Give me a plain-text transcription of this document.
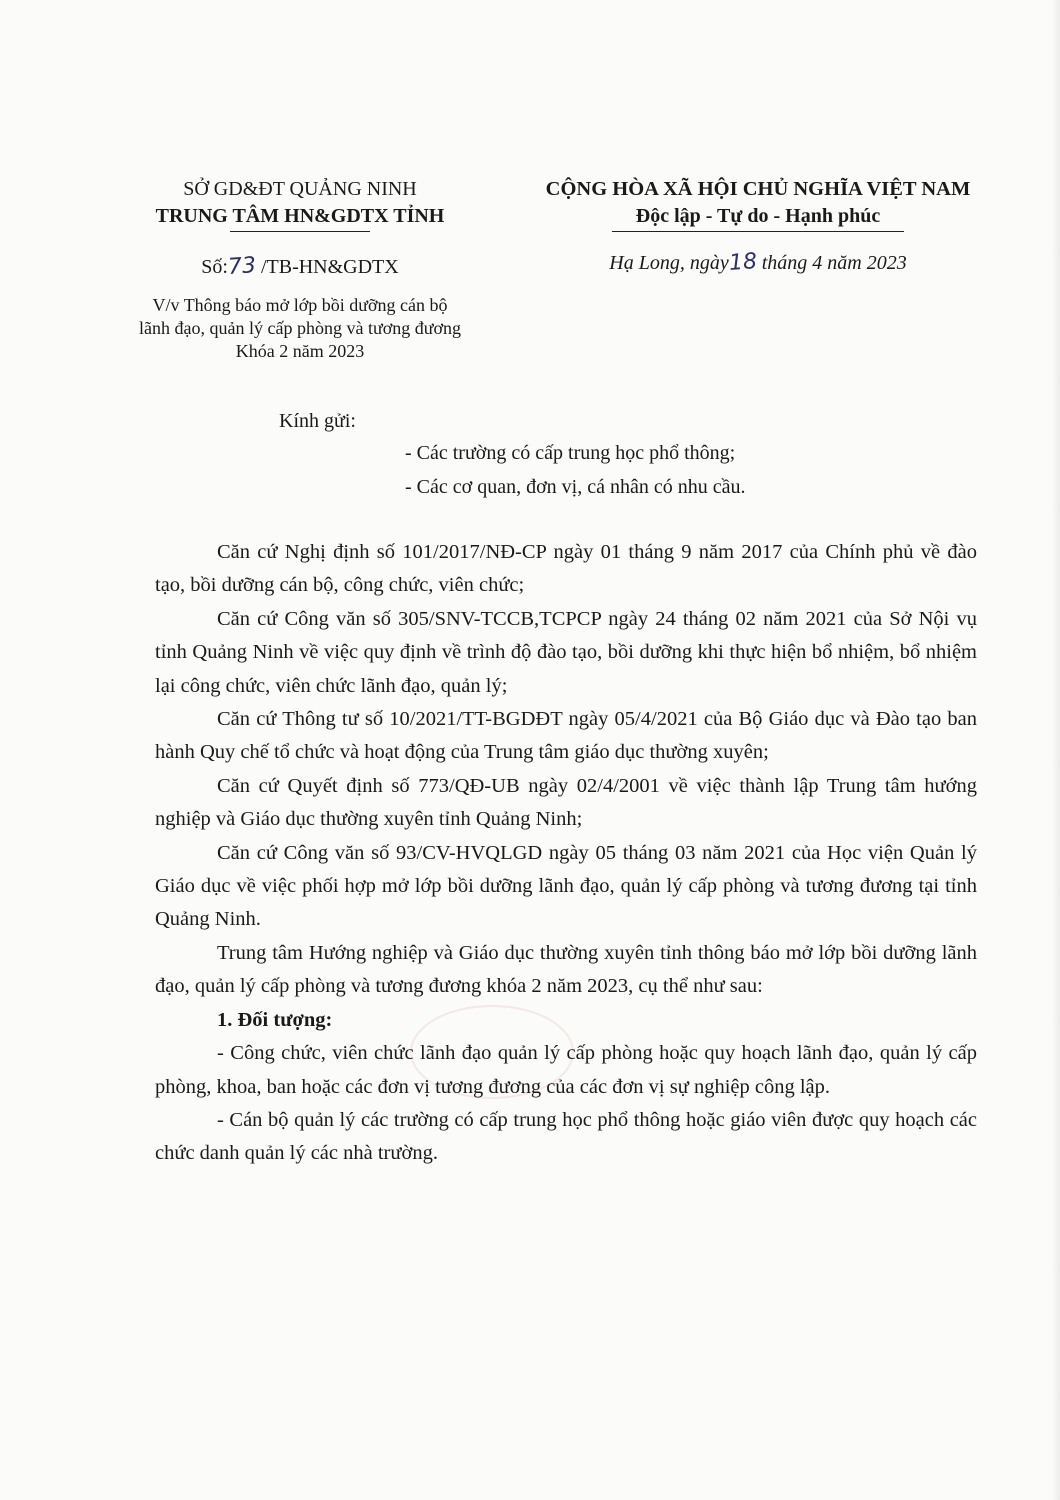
SỞ GD&ĐT QUẢNG NINH
TRUNG TÂM HN&GDTX TỈNH
Số:73 /TB-HN&GDTX
V/v Thông báo mở lớp bồi dưỡng cán bộ
lãnh đạo, quản lý cấp phòng và tương đương
Khóa 2 năm 2023
CỘNG HÒA XÃ HỘI CHỦ NGHĨA VIỆT NAM
Độc lập - Tự do - Hạnh phúc
Hạ Long, ngày18 tháng 4 năm 2023
Kính gửi:
- Các trường có cấp trung học phổ thông;
- Các cơ quan, đơn vị, cá nhân có nhu cầu.

Căn cứ Nghị định số 101/2017/NĐ-CP ngày 01 tháng 9 năm 2017 của Chính phủ về đào tạo, bồi dưỡng cán bộ, công chức, viên chức;

Căn cứ Công văn số 305/SNV-TCCB,TCPCP ngày 24 tháng 02 năm 2021 của Sở Nội vụ tỉnh Quảng Ninh về việc quy định về trình độ đào tạo, bồi dưỡng khi thực hiện bổ nhiệm, bổ nhiệm lại công chức, viên chức lãnh đạo, quản lý;

Căn cứ Thông tư số 10/2021/TT-BGDĐT ngày 05/4/2021 của Bộ Giáo dục và Đào tạo ban hành Quy chế tổ chức và hoạt động của Trung tâm giáo dục thường xuyên;

Căn cứ Quyết định số 773/QĐ-UB ngày 02/4/2001 về việc thành lập Trung tâm hướng nghiệp và Giáo dục thường xuyên tỉnh Quảng Ninh;

Căn cứ Công văn số 93/CV-HVQLGD ngày 05 tháng 03 năm 2021 của Học viện Quản lý Giáo dục về việc phối hợp mở lớp bồi dưỡng lãnh đạo, quản lý cấp phòng và tương đương tại tỉnh Quảng Ninh.

Trung tâm Hướng nghiệp và Giáo dục thường xuyên tỉnh thông báo mở lớp bồi dưỡng lãnh đạo, quản lý cấp phòng và tương đương khóa 2 năm 2023, cụ thể như sau:

1. Đối tượng:

- Công chức, viên chức lãnh đạo quản lý cấp phòng hoặc quy hoạch lãnh đạo, quản lý cấp phòng, khoa, ban hoặc các đơn vị tương đương của các đơn vị sự nghiệp công lập.

- Cán bộ quản lý các trường có cấp trung học phổ thông hoặc giáo viên được quy hoạch các chức danh quản lý các nhà trường.
